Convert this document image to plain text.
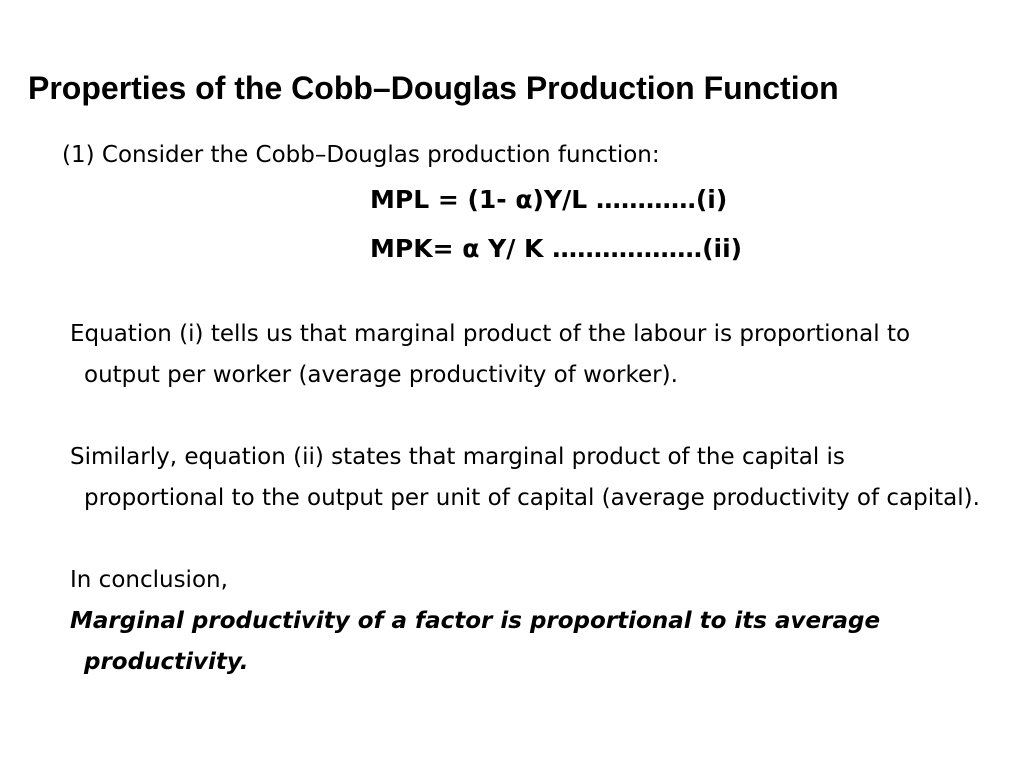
Properties of the Cobb–Douglas Production Function
(1) Consider the Cobb–Douglas production function:
MPL = (1- α)Y/L …………(i)
MPK= α Y/ K ………………(ii)
Equation (i) tells us that marginal product of the labour is proportional to output per worker (average productivity of worker).
Similarly, equation (ii) states that marginal product of the capital is proportional to the output per unit of capital (average productivity of capital).
In conclusion,
Marginal productivity of a factor is proportional to its average productivity.
